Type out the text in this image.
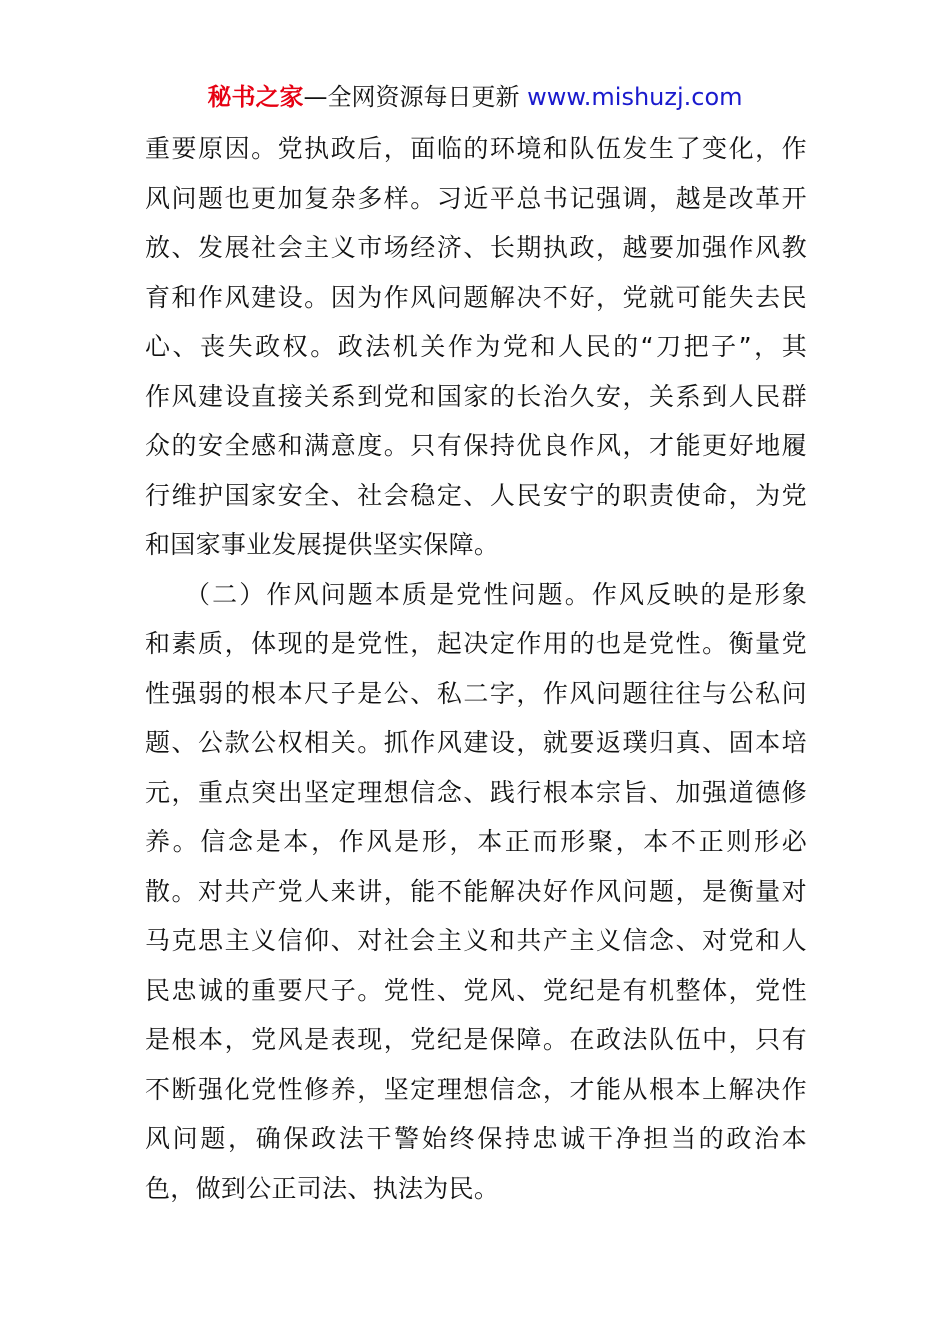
秘书之家—全网资源每日更新 www.mishuzj.com
重要原因。党执政后，面临的环境和队伍发生了变化，作
风问题也更加复杂多样。习近平总书记强调，越是改革开
放、发展社会主义市场经济、长期执政，越要加强作风教
育和作风建设。因为作风问题解决不好，党就可能失去民
心、丧失政权。政法机关作为党和人民的“刀把子”，其
作风建设直接关系到党和国家的长治久安，关系到人民群
众的安全感和满意度。只有保持优良作风，才能更好地履
行维护国家安全、社会稳定、人民安宁的职责使命，为党
和国家事业发展提供坚实保障。
（二）作风问题本质是党性问题。作风反映的是形象
和素质，体现的是党性，起决定作用的也是党性。衡量党
性强弱的根本尺子是公、私二字，作风问题往往与公私问
题、公款公权相关。抓作风建设，就要返璞归真、固本培
元，重点突出坚定理想信念、践行根本宗旨、加强道德修
养。信念是本，作风是形，本正而形聚，本不正则形必
散。对共产党人来讲，能不能解决好作风问题，是衡量对
马克思主义信仰、对社会主义和共产主义信念、对党和人
民忠诚的重要尺子。党性、党风、党纪是有机整体，党性
是根本，党风是表现，党纪是保障。在政法队伍中，只有
不断强化党性修养，坚定理想信念，才能从根本上解决作
风问题，确保政法干警始终保持忠诚干净担当的政治本
色，做到公正司法、执法为民。
